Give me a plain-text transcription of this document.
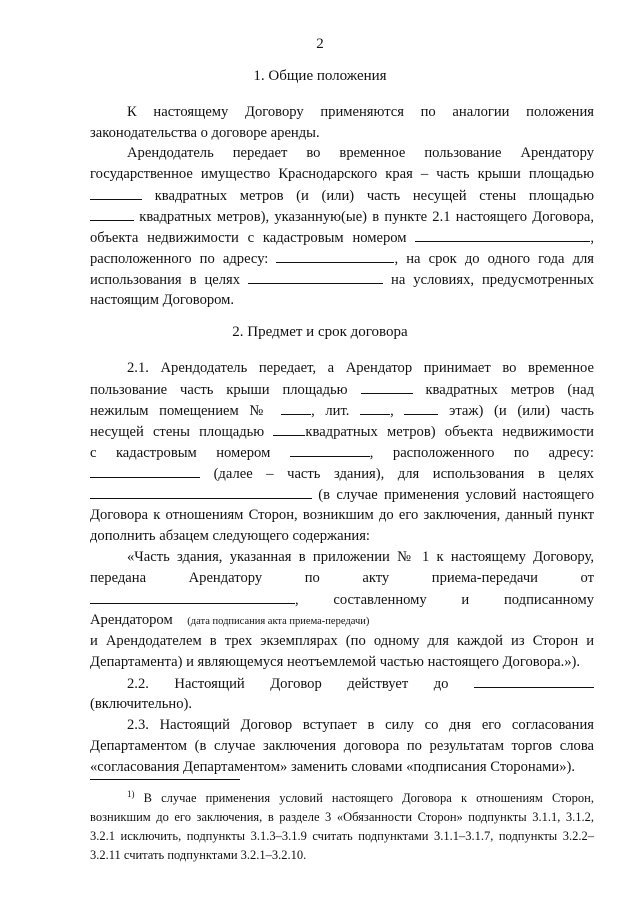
2
1. Общие положения
К настоящему Договору применяются по аналогии положения
законодательства о договоре аренды.
Арендодатель передает во временное пользование Арендатору
государственное имущество Краснодарского края – часть крыши площадью
квадратных метров (и (или) часть несущей стены площадью
квадратных метров), указанную(ые) в пункте 2.1 настоящего Договора,
объекта недвижимости с кадастровым номером	,
расположенного по адресу:	, на срок до одного года для
использования в целях	на условиях, предусмотренных
настоящим Договором.
2. Предмет и срок договора
2.1. Арендодатель передает, а Арендатор принимает во временное
пользование часть крыши площадью	квадратных метров (над
нежилым помещением №	, лит.	,	этаж) (и (или) часть
несущей стены площадью	квадратных метров) объекта недвижимости
с кадастровым номером	, расположенного по адресу:
(далее – часть здания), для использования в целях
(в случае применения условий настоящего
Договора к отношениям Сторон, возникшим до его заключения, данный пункт
дополнить абзацем следующего содержания:
«Часть здания, указанная в приложении № 1 к настоящему Договору,
передана Арендатору по акту приема-передачи от
, составленному и подписанному
Арендатором (дата подписания акта приема-передачи)
и Арендодателем в трех экземплярах (по одному для каждой из Сторон и
Департамента) и являющемуся неотъемлемой частью настоящего Договора.»).
2.2. Настоящий Договор действует до
(включительно).
2.3. Настоящий Договор вступает в силу со дня его согласования
Департаментом (в случае заключения договора по результатам торгов слова
«согласования Департаментом» заменить словами «подписания Сторонами»).
$^{1)}$ В случае применения условий настоящего Договора к отношениям Сторон,
возникшим до его заключения, в разделе 3 «Обязанности Сторон» подпункты 3.1.1, 3.1.2,
3.2.1 исключить, подпункты 3.1.3–3.1.9 считать подпунктами 3.1.1–3.1.7, подпункты 3.2.2–
3.2.11 считать подпунктами 3.2.1–3.2.10.
